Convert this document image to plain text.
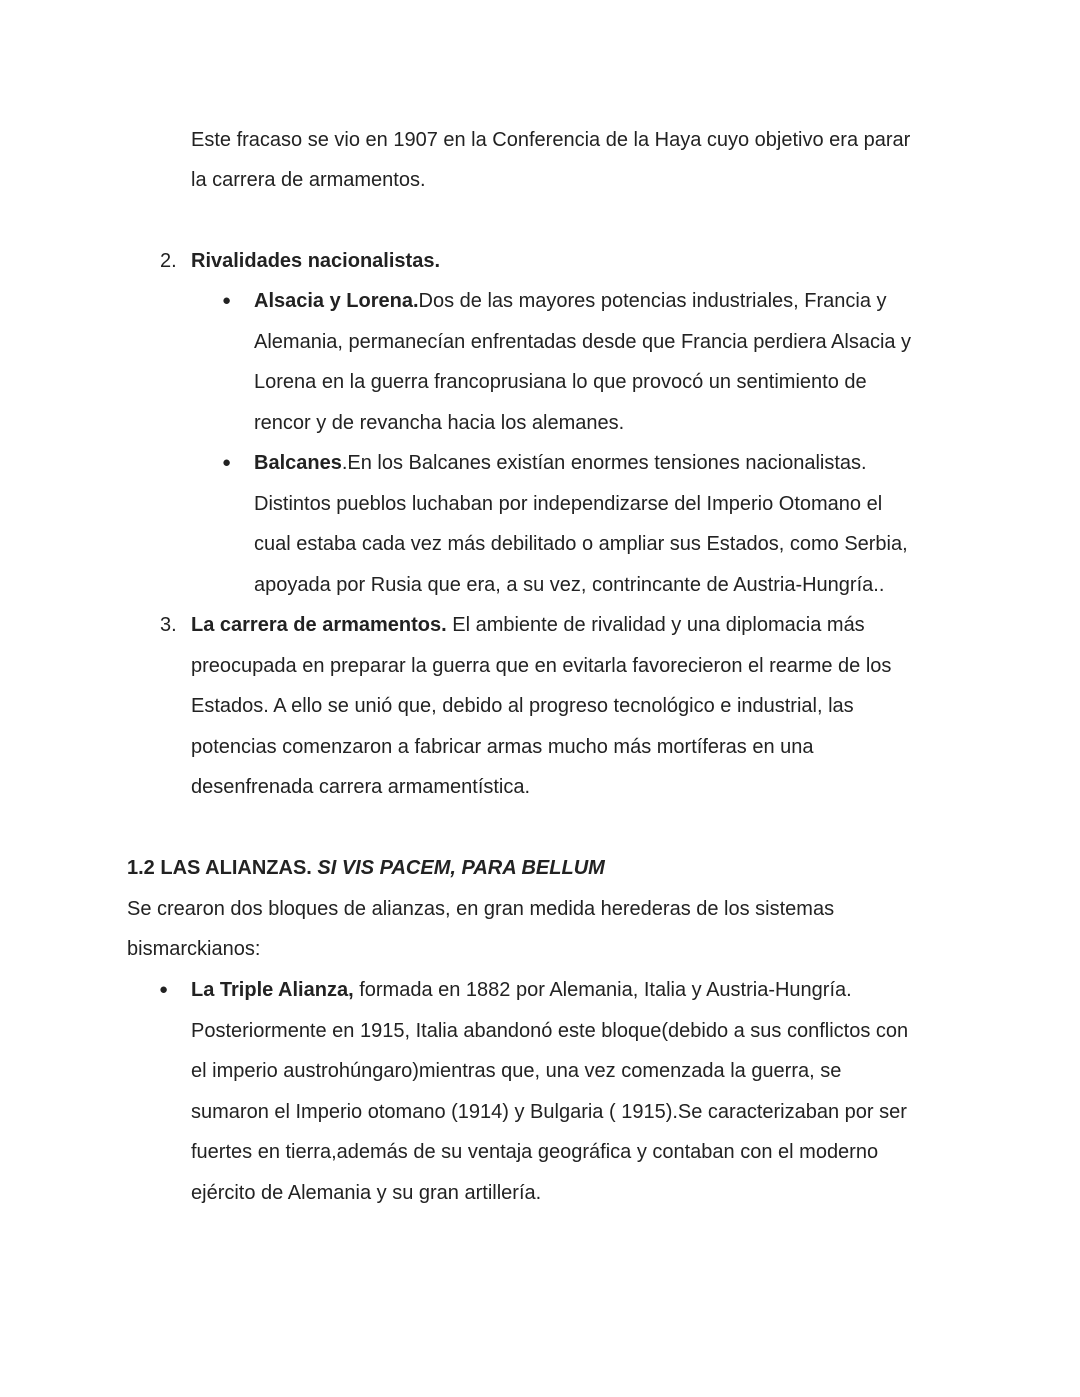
Este fracaso se vio en 1907 en la Conferencia de la Haya cuyo objetivo era parar
la carrera de armamentos.
2. Rivalidades nacionalistas.
● Alsacia y Lorena.Dos de las mayores potencias industriales, Francia y
Alemania, permanecían enfrentadas desde que Francia perdiera Alsacia y
Lorena en la guerra francoprusiana lo que provocó un sentimiento de
rencor y de revancha hacia los alemanes.
● Balcanes.En los Balcanes existían enormes tensiones nacionalistas.
Distintos pueblos luchaban por independizarse del Imperio Otomano el
cual estaba cada vez más debilitado o ampliar sus Estados, como Serbia,
apoyada por Rusia que era, a su vez, contrincante de Austria-Hungría..
3. La carrera de armamentos. El ambiente de rivalidad y una diplomacia más
preocupada en preparar la guerra que en evitarla favorecieron el rearme de los
Estados. A ello se unió que, debido al progreso tecnológico e industrial, las
potencias comenzaron a fabricar armas mucho más mortíferas en una
desenfrenada carrera armamentística.
1.2 LAS ALIANZAS. SI VIS PACEM, PARA BELLUM
Se crearon dos bloques de alianzas, en gran medida herederas de los sistemas
bismarckianos:
● La Triple Alianza, formada en 1882 por Alemania, Italia y Austria-Hungría.
Posteriormente en 1915, Italia abandonó este bloque(debido a sus conflictos con
el imperio austrohúngaro)mientras que, una vez comenzada la guerra, se
sumaron el Imperio otomano (1914) y Bulgaria ( 1915).Se caracterizaban por ser
fuertes en tierra,además de su ventaja geográfica y contaban con el moderno
ejército de Alemania y su gran artillería.
